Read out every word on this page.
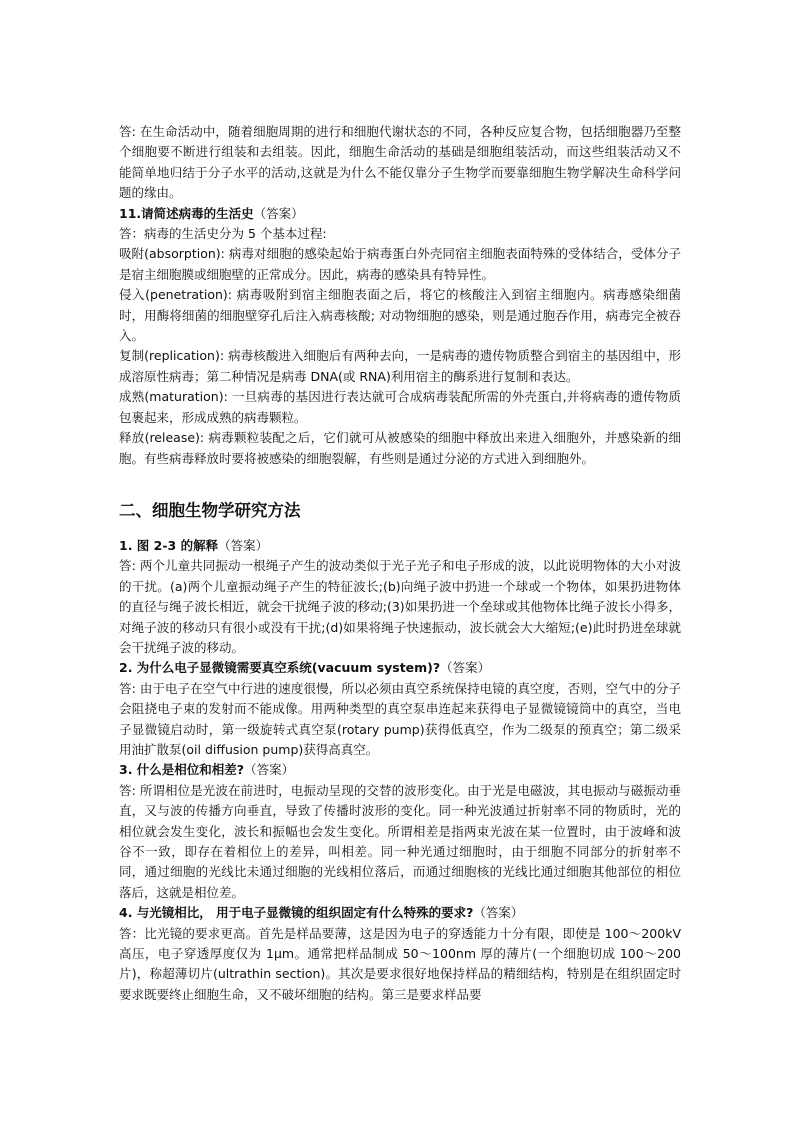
答: 在生命活动中，随着细胞周期的进行和细胞代谢状态的不同，各种反应复合物，包括细胞器乃至整个细胞要不断进行组装和去组装。因此，细胞生命活动的基础是细胞组装活动，而这些组装活动又不能简单地归结于分子水平的活动,这就是为什么不能仅靠分子生物学而要靠细胞生物学解决生命科学问题的缘由。

11.请简述病毒的生活史（答案）

答：病毒的生活史分为 5 个基本过程:

吸附(absorption): 病毒对细胞的感染起始于病毒蛋白外壳同宿主细胞表面特殊的受体结合，受体分子是宿主细胞膜或细胞壁的正常成分。因此，病毒的感染具有特异性。

侵入(penetration): 病毒吸附到宿主细胞表面之后，将它的核酸注入到宿主细胞内。病毒感染细菌时，用酶将细菌的细胞壁穿孔后注入病毒核酸; 对动物细胞的感染，则是通过胞吞作用，病毒完全被吞入。

复制(replication): 病毒核酸进入细胞后有两种去向，一是病毒的遗传物质整合到宿主的基因组中，形成溶原性病毒；第二种情况是病毒 DNA(或 RNA)利用宿主的酶系进行复制和表达。

成熟(maturation): 一旦病毒的基因进行表达就可合成病毒装配所需的外壳蛋白,并将病毒的遗传物质包裹起来，形成成熟的病毒颗粒。

释放(release): 病毒颗粒装配之后，它们就可从被感染的细胞中释放出来进入细胞外，并感染新的细胞。有些病毒释放时要将被感染的细胞裂解，有些则是通过分泌的方式进入到细胞外。

二、细胞生物学研究方法

1. 图 2-3 的解释（答案）

答: 两个儿童共同振动一根绳子产生的波动类似于光子光子和电子形成的波，以此说明物体的大小对波的干扰。(a)两个儿童振动绳子产生的特征波长;(b)向绳子波中扔进一个球或一个物体，如果扔进物体的直径与绳子波长相近，就会干扰绳子波的移动;(3)如果扔进一个垒球或其他物体比绳子波长小得多，对绳子波的移动只有很小或没有干扰;(d)如果将绳子快速振动，波长就会大大缩短;(e)此时扔进垒球就会干扰绳子波的移动。

2. 为什么电子显微镜需要真空系统(vacuum system)?（答案）

答: 由于电子在空气中行进的速度很慢，所以必须由真空系统保持电镜的真空度，否则，空气中的分子会阻挠电子束的发射而不能成像。用两种类型的真空泵串连起来获得电子显微镜镜筒中的真空，当电子显微镜启动时，第一级旋转式真空泵(rotary pump)获得低真空，作为二级泵的预真空；第二级采用油扩散泵(oil diffusion pump)获得高真空。

3. 什么是相位和相差?（答案）

答: 所谓相位是光波在前进时，电振动呈现的交替的波形变化。由于光是电磁波，其电振动与磁振动垂直，又与波的传播方向垂直，导致了传播时波形的变化。同一种光波通过折射率不同的物质时，光的相位就会发生变化，波长和振幅也会发生变化。所谓相差是指两束光波在某一位置时，由于波峰和波谷不一致，即存在着相位上的差异，叫相差。同一种光通过细胞时，由于细胞不同部分的折射率不同，通过细胞的光线比未通过细胞的光线相位落后，而通过细胞核的光线比通过细胞其他部位的相位落后，这就是相位差。

4. 与光镜相比， 用于电子显微镜的组织固定有什么特殊的要求?（答案）

答：比光镜的要求更高。首先是样品要薄，这是因为电子的穿透能力十分有限，即使是 100～200kV 高压，电子穿透厚度仅为 1μm。通常把样品制成 50～100nm 厚的薄片(一个细胞切成 100～200 片)，称超薄切片(ultrathin section)。其次是要求很好地保持样品的精细结构，特别是在组织固定时要求既要终止细胞生命，又不破坏细胞的结构。第三是要求样品要
